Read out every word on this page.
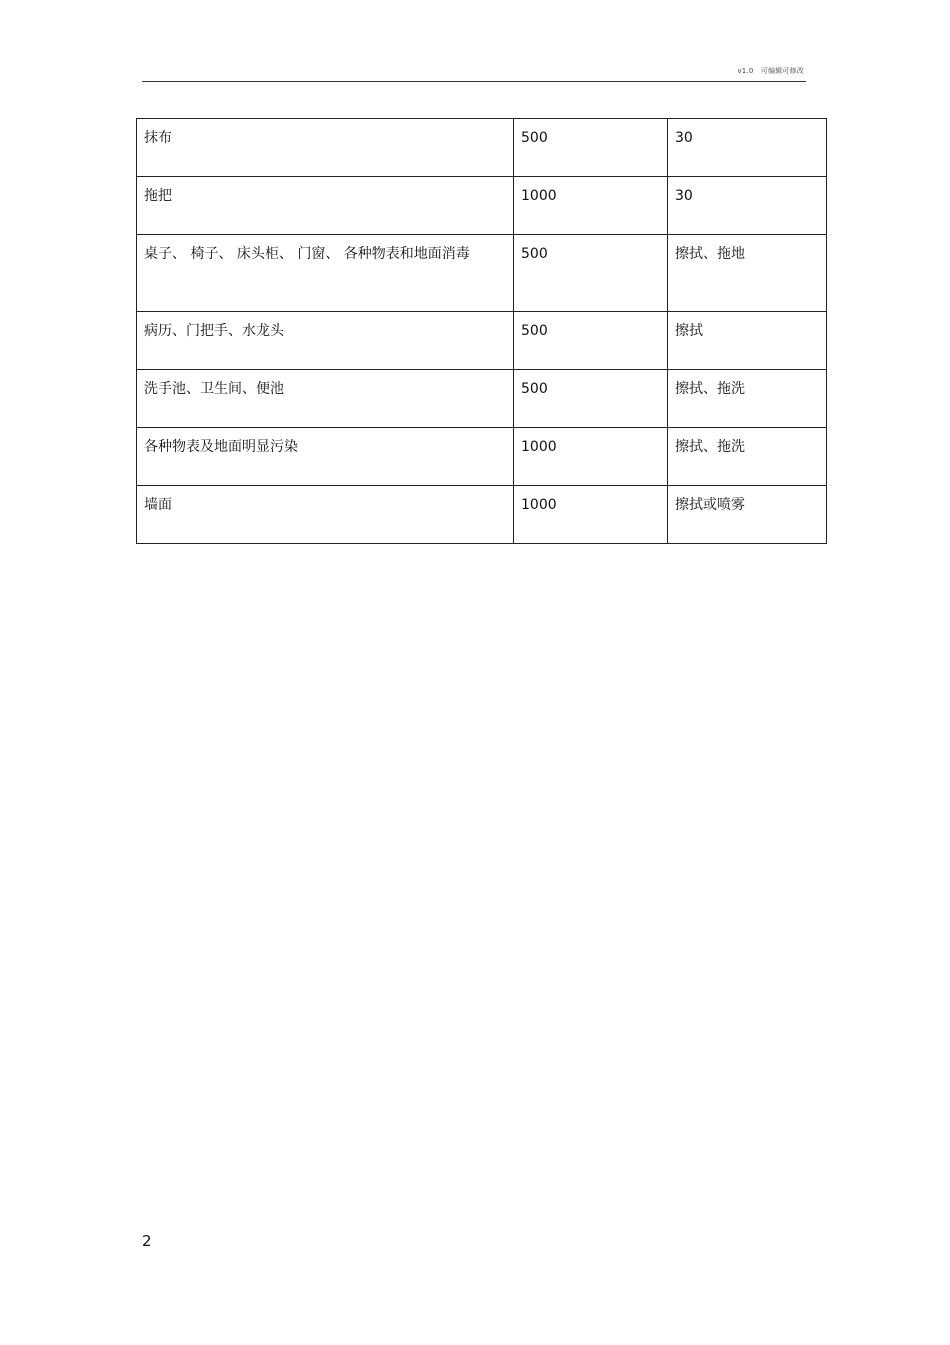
v1.0   可编辑可修改
抹布	500	30
拖把	1000	30
桌子、 椅子、 床头柜、 门窗、 各种物表和地面消毒	500	擦拭、拖地
病历、门把手、水龙头	500	擦拭
洗手池、卫生间、便池	500	擦拭、拖洗
各种物表及地面明显污染	1000	擦拭、拖洗
墙面	1000	擦拭或喷雾
2
